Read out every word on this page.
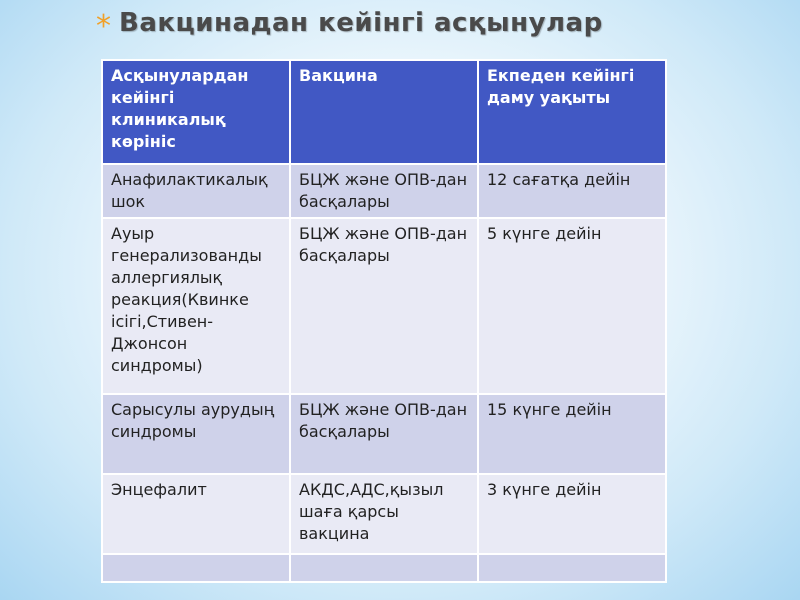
* Вакцинадан кейінгі асқынулар
Асқынулардан кейінгі клиникалық көрініс	Вакцина	Екпеден кейінгі даму уақыты
Анафилактикалық шок	БЦЖ және ОПВ-дан басқалары	12 сағатқа дейін
Ауыр генерализованды аллергиялық реакция(Квинке ісігі,Стивен-Джонсон синдромы)	БЦЖ және ОПВ-дан басқалары	5 күнге дейін
Сарысулы аурудың синдромы	БЦЖ және ОПВ-дан басқалары	15 күнге дейін
Энцефалит	АКДС,АДС,қызыл шаға қарсы вакцина	3 күнге дейін
